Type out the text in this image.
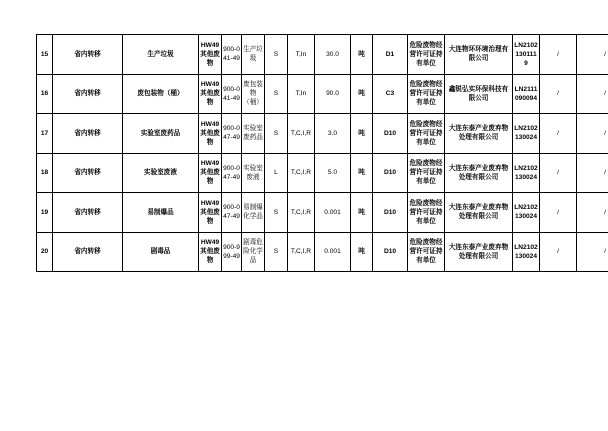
15	省内转移	生产垃圾	HW49 其他废物	900-041-49	生产垃圾	S	T,In	30.0	吨	D1	危险废物经营许可证持有单位	大连物环环境治理有限公司	LN21021301119	/	/
16	省内转移	废包装物（桶）	HW49 其他废物	900-041-49	废包装物（桶）	S	T,In	90.0	吨	C3	危险废物经营许可证持有单位	鑫锐弘实环保科技有限公司	LN2111090094	/	/
17	省内转移	实验室废药品	HW49 其他废物	900-047-49	实验室废药品	S	T,C,I,R	3.0	吨	D10	危险废物经营许可证持有单位	大连东泰产业废弃物处理有限公司	LN2102130024	/	/
18	省内转移	实验室废液	HW49 其他废物	900-047-49	实验室废液	L	T,C,I,R	5.0	吨	D10	危险废物经营许可证持有单位	大连东泰产业废弃物处理有限公司	LN2102130024	/	/
19	省内转移	易制爆品	HW49 其他废物	900-047-49	易制爆化学品	S	T,C,I,R	0.001	吨	D10	危险废物经营许可证持有单位	大连东泰产业废弃物处理有限公司	LN2102130024	/	/
20	省内转移	剧毒品	HW49 其他废物	900-999-49	剧毒危险化学品	S	T,C,I,R	0.001	吨	D10	危险废物经营许可证持有单位	大连东泰产业废弃物处理有限公司	LN2102130024	/	/
